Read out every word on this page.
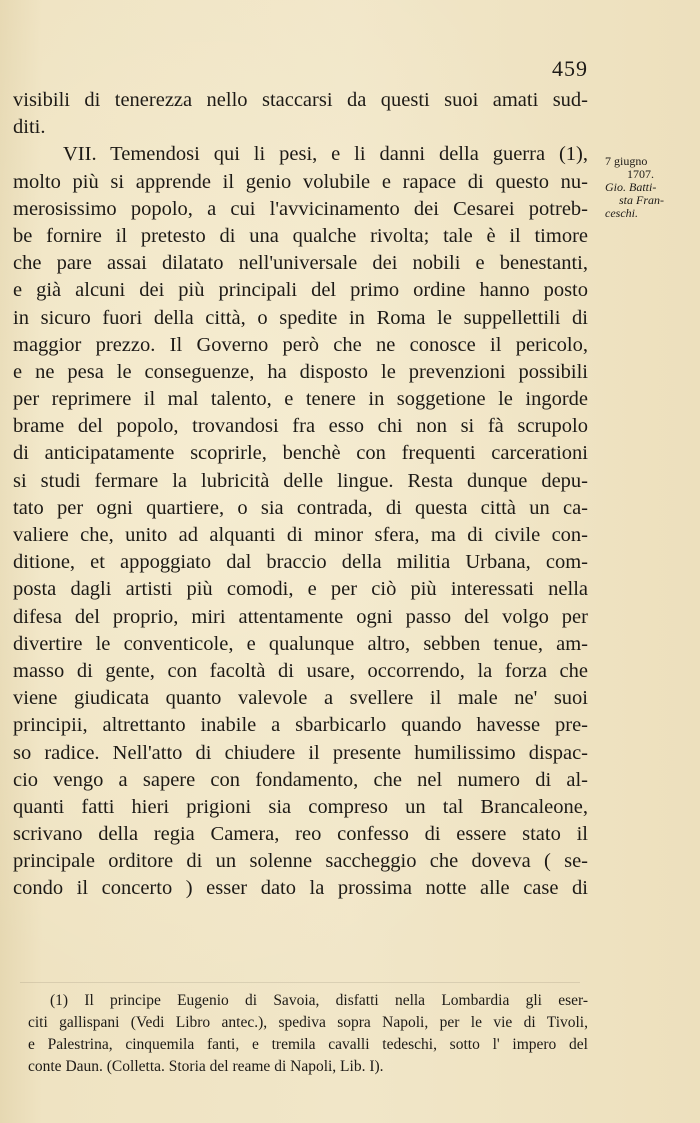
459
visibili di tenerezza nello staccarsi da questi suoi amati sud-
diti.
VII. Temendosi qui li pesi, e li danni della guerra (1),
molto più si apprende il genio volubile e rapace di questo nu-
merosissimo popolo, a cui l'avvicinamento dei Cesarei potreb-
be fornire il pretesto di una qualche rivolta; tale è il timore
che pare assai dilatato nell'universale dei nobili e benestanti,
e già alcuni dei più principali del primo ordine hanno posto
in sicuro fuori della città, o spedite in Roma le suppellettili di
maggior prezzo. Il Governo però che ne conosce il pericolo,
e ne pesa le conseguenze, ha disposto le prevenzioni possibili
per reprimere il mal talento, e tenere in soggetione le ingorde
brame del popolo, trovandosi fra esso chi non si fà scrupolo
di anticipatamente scoprirle, benchè con frequenti carcerationi
si studi fermare la lubricità delle lingue. Resta dunque depu-
tato per ogni quartiere, o sia contrada, di questa città un ca-
valiere che, unito ad alquanti di minor sfera, ma di civile con-
ditione, et appoggiato dal braccio della militia Urbana, com-
posta dagli artisti più comodi, e per ciò più interessati nella
difesa del proprio, miri attentamente ogni passo del volgo per
divertire le conventicole, e qualunque altro, sebben tenue, am-
masso di gente, con facoltà di usare, occorrendo, la forza che
viene giudicata quanto valevole a svellere il male ne' suoi
principii, altrettanto inabile a sbarbicarlo quando havesse pre-
so radice. Nell'atto di chiudere il presente humilissimo dispac-
cio vengo a sapere con fondamento, che nel numero di al-
quanti fatti hieri prigioni sia compreso un tal Brancaleone,
scrivano della regia Camera, reo confesso di essere stato il
principale orditore di un solenne saccheggio che doveva ( se-
condo il concerto ) esser dato la prossima notte alle case di
7 giugno
1707.
Gio. Batti-
sta Fran-
ceschi.
(1) Il principe Eugenio di Savoia, disfatti nella Lombardia gli eser-
citi gallispani (Vedi Libro antec.), spediva sopra Napoli, per le vie di Tivoli,
e Palestrina, cinquemila fanti, e tremila cavalli tedeschi, sotto l' impero del
conte Daun. (Colletta. Storia del reame di Napoli, Lib. I).
